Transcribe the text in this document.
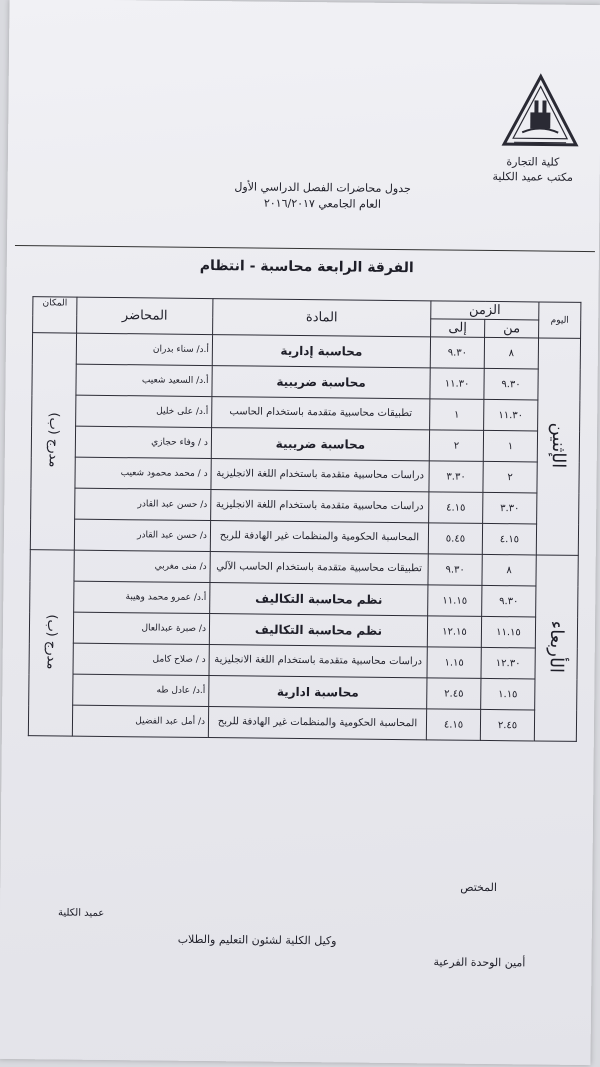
كلية التجارة
مكتب عميد الكلية
جدول محاضرات الفصل الدراسي الأول
العام الجامعي ٢٠١٦/٢٠١٧
الفرقة الرابعة محاسبة - انتظام
اليوم	الزمن		المادة	المحاضر	المكان
	من	إلى			
الإثنين	٨	٩.٣٠	محاسبة إدارية	أ.د/ سناء بدران	مدرج (ب)
	٩.٣٠	١١.٣٠	محاسبة ضريبية	أ.د/ السعيد شعيب	
	١١.٣٠	١	تطبيقات محاسبية متقدمة باستخدام الحاسب	أ.د/ على خليل	
	١	٢	محاسبة ضريبية	د / وفاء حجازي	
	٢	٣.٣٠	دراسات محاسبية متقدمة باستخدام اللغة الانجليزية	د / محمد محمود شعيب	
	٣.٣٠	٤.١٥	دراسات محاسبية متقدمة باستخدام اللغة الانجليزية	د/ حسن عبد القادر	
	٤.١٥	٥.٤٥	المحاسبة الحكومية والمنظمات غير الهادفة للربح	د/ حسن عبد القادر	
الأربعاء	٨	٩.٣٠	تطبيقات محاسبية متقدمة باستخدام الحاسب الآلي	د/ منى مغربي	مدرج (ب)
	٩.٣٠	١١.١٥	نظم محاسبة التكاليف	أ.د/ عمرو محمد وهيبة	
	١١.١٥	١٢.١٥	نظم محاسبة التكاليف	د/ صبرة عبدالعال	
	١٢.٣٠	١.١٥	دراسات محاسبية متقدمة باستخدام اللغة الانجليزية	د / صلاح كامل	
	١.١٥	٢.٤٥	محاسبة ادارية	أ.د/ عادل طه	
	٢.٤٥	٤.١٥	المحاسبة الحكومية والمنظمات غير الهادفة للربح	د/ أمل عبد الفضيل	
المختص
عميد الكلية
وكيل الكلية لشئون التعليم والطلاب
أمين الوحدة الفرعية
